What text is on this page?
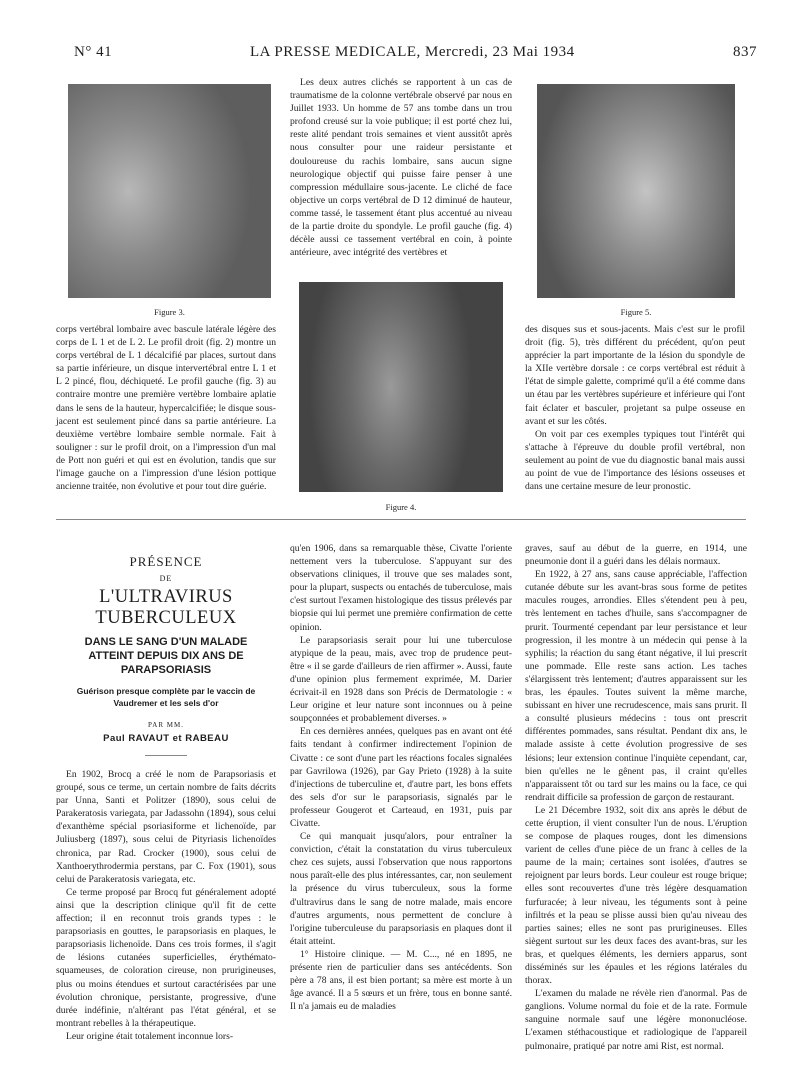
N° 41	LA PRESSE MEDICALE, Mercredi, 23 Mai 1934	837
Figure 3.
Figure 4.
Figure 5.

corps vertébral lombaire avec bascule latérale légère des corps de L 1 et de L 2. Le profil droit (fig. 2) montre un corps vertébral de L 1 décalcifié par places, surtout dans sa partie inférieure, un disque intervertébral entre L 1 et L 2 pincé, flou, déchiqueté. Le profil gauche (fig. 3) au contraire montre une première vertèbre lombaire aplatie dans le sens de la hauteur, hypercalcifiée; le disque sous-jacent est seulement pincé dans sa partie antérieure. La deuxième vertèbre lombaire semble normale. Fait à souligner : sur le profil droit, on a l'impression d'un mal de Pott non guéri et qui est en évolution, tandis que sur l'image gauche on a l'impression d'une lésion pottique ancienne traitée, non évolutive et pour tout dire guérie.

Les deux autres clichés se rapportent à un cas de traumatisme de la colonne vertébrale observé par nous en Juillet 1933. Un homme de 57 ans tombe dans un trou profond creusé sur la voie publique; il est porté chez lui, reste alité pendant trois semaines et vient aussitôt après nous consulter pour une raideur persistante et douloureuse du rachis lombaire, sans aucun signe neurologique objectif qui puisse faire penser à une compression médullaire sous-jacente. Le cliché de face objective un corps vertébral de D 12 diminué de hauteur, comme tassé, le tassement étant plus accentué au niveau de la partie droite du spondyle. Le profil gauche (fig. 4) décèle aussi ce tassement vertébral en coin, à pointe antérieure, avec intégrité des vertèbres et

des disques sus et sous-jacents. Mais c'est sur le profil droit (fig. 5), très différent du précédent, qu'on peut apprécier la part importante de la lésion du spondyle de la XIIe vertèbre dorsale : ce corps vertébral est réduit à l'état de simple galette, comprimé qu'il a été comme dans un étau par les vertèbres supérieure et inférieure qui l'ont fait éclater et basculer, projetant sa pulpe osseuse en avant et sur les côtés.

On voit par ces exemples typiques tout l'intérêt qui s'attache à l'épreuve du double profil vertébral, non seulement au point de vue du diagnostic banal mais aussi au point de vue de l'importance des lésions osseuses et dans une certaine mesure de leur pronostic.

PRÉSENCE
DE
L'ULTRAVIRUS TUBERCULEUX
DANS LE SANG D'UN MALADE ATTEINT DEPUIS DIX ANS DE PARAPSORIASIS
Guérison presque complète par le vaccin de Vaudremer et les sels d'or
PAR MM.
Paul RAVAUT et RABEAU

En 1902, Brocq a créé le nom de Parapsoriasis et groupé, sous ce terme, un certain nombre de faits décrits par Unna, Santi et Politzer (1890), sous celui de Parakeratosis variegata, par Jadassohn (1894), sous celui d'exanthème spécial psoriasiforme et lichenoïde, par Juliusberg (1897), sous celui de Pityriasis lichenoïdes chronica, par Rad. Crocker (1900), sous celui de Xanthoerythrodermia perstans, par C. Fox (1901), sous celui de Parakeratosis variegata, etc.

Ce terme proposé par Brocq fut généralement adopté ainsi que la description clinique qu'il fit de cette affection; il en reconnut trois grands types : le parapsoriasis en gouttes, le parapsoriasis en plaques, le parapsoriasis lichenoïde. Dans ces trois formes, il s'agit de lésions cutanées superficielles, érythémato-squameuses, de coloration cireuse, non prurigineuses, plus ou moins étendues et surtout caractérisées par une évolution chronique, persistante, progressive, d'une durée indéfinie, n'altérant pas l'état général, et se montrant rebelles à la thérapeutique.

Leur origine était totalement inconnue lors-

qu'en 1906, dans sa remarquable thèse, Civatte l'oriente nettement vers la tuberculose. S'appuyant sur des observations cliniques, il trouve que ses malades sont, pour la plupart, suspects ou entachés de tuberculose, mais c'est surtout l'examen histologique des tissus prélevés par biopsie qui lui permet une première confirmation de cette opinion.

Le parapsoriasis serait pour lui une tuberculose atypique de la peau, mais, avec trop de prudence peut-être « il se garde d'ailleurs de rien affirmer ». Aussi, faute d'une opinion plus fermement exprimée, M. Darier écrivait-il en 1928 dans son Précis de Dermatologie : « Leur origine et leur nature sont inconnues ou à peine soupçonnées et probablement diverses. »

En ces dernières années, quelques pas en avant ont été faits tendant à confirmer indirectement l'opinion de Civatte : ce sont d'une part les réactions focales signalées par Gavrilowa (1926), par Gay Prieto (1928) à la suite d'injections de tuberculine et, d'autre part, les bons effets des sels d'or sur le parapsoriasis, signalés par le professeur Gougerot et Carteaud, en 1931, puis par Civatte.

Ce qui manquait jusqu'alors, pour entraîner la conviction, c'était la constatation du virus tuberculeux chez ces sujets, aussi l'observation que nous rapportons nous paraît-elle des plus intéressantes, car, non seulement la présence du virus tuberculeux, sous la forme d'ultravirus dans le sang de notre malade, mais encore d'autres arguments, nous permettent de conclure à l'origine tuberculeuse du parapsoriasis en plaques dont il était atteint.

1° Histoire clinique. — M. C..., né en 1895, ne présente rien de particulier dans ses antécédents. Son père a 78 ans, il est bien portant; sa mère est morte à un âge avancé. Il a 5 sœurs et un frère, tous en bonne santé. Il n'a jamais eu de maladies

graves, sauf au début de la guerre, en 1914, une pneumonie dont il a guéri dans les délais normaux.

En 1922, à 27 ans, sans cause appréciable, l'affection cutanée débute sur les avant-bras sous forme de petites macules rouges, arrondies. Elles s'étendent peu à peu, très lentement en taches d'huile, sans s'accompagner de prurit. Tourmenté cependant par leur persistance et leur progression, il les montre à un médecin qui pense à la syphilis; la réaction du sang étant négative, il lui prescrit une pommade. Elle reste sans action. Les taches s'élargissent très lentement; d'autres apparaissent sur les bras, les épaules. Toutes suivent la même marche, subissant en hiver une recrudescence, mais sans prurit. Il a consulté plusieurs médecins : tous ont prescrit différentes pommades, sans résultat. Pendant dix ans, le malade assiste à cette évolution progressive de ses lésions; leur extension continue l'inquiète cependant, car, bien qu'elles ne le gênent pas, il craint qu'elles n'apparaissent tôt ou tard sur les mains ou la face, ce qui rendrait difficile sa profession de garçon de restaurant.

Le 21 Décembre 1932, soit dix ans après le début de cette éruption, il vient consulter l'un de nous. L'éruption se compose de plaques rouges, dont les dimensions varient de celles d'une pièce de un franc à celles de la paume de la main; certaines sont isolées, d'autres se rejoignent par leurs bords. Leur couleur est rouge brique; elles sont recouvertes d'une très légère desquamation furfuracée; à leur niveau, les téguments sont à peine infiltrés et la peau se plisse aussi bien qu'au niveau des parties saines; elles ne sont pas prurigineuses. Elles siègent surtout sur les deux faces des avant-bras, sur les bras, et quelques éléments, les derniers apparus, sont disséminés sur les épaules et les régions latérales du thorax.

L'examen du malade ne révèle rien d'anormal. Pas de ganglions. Volume normal du foie et de la rate. Formule sanguine normale sauf une légère mononucléose. L'examen stéthacoustique et radiologique de l'appareil pulmonaire, pratiqué par notre ami Rist, est normal.
